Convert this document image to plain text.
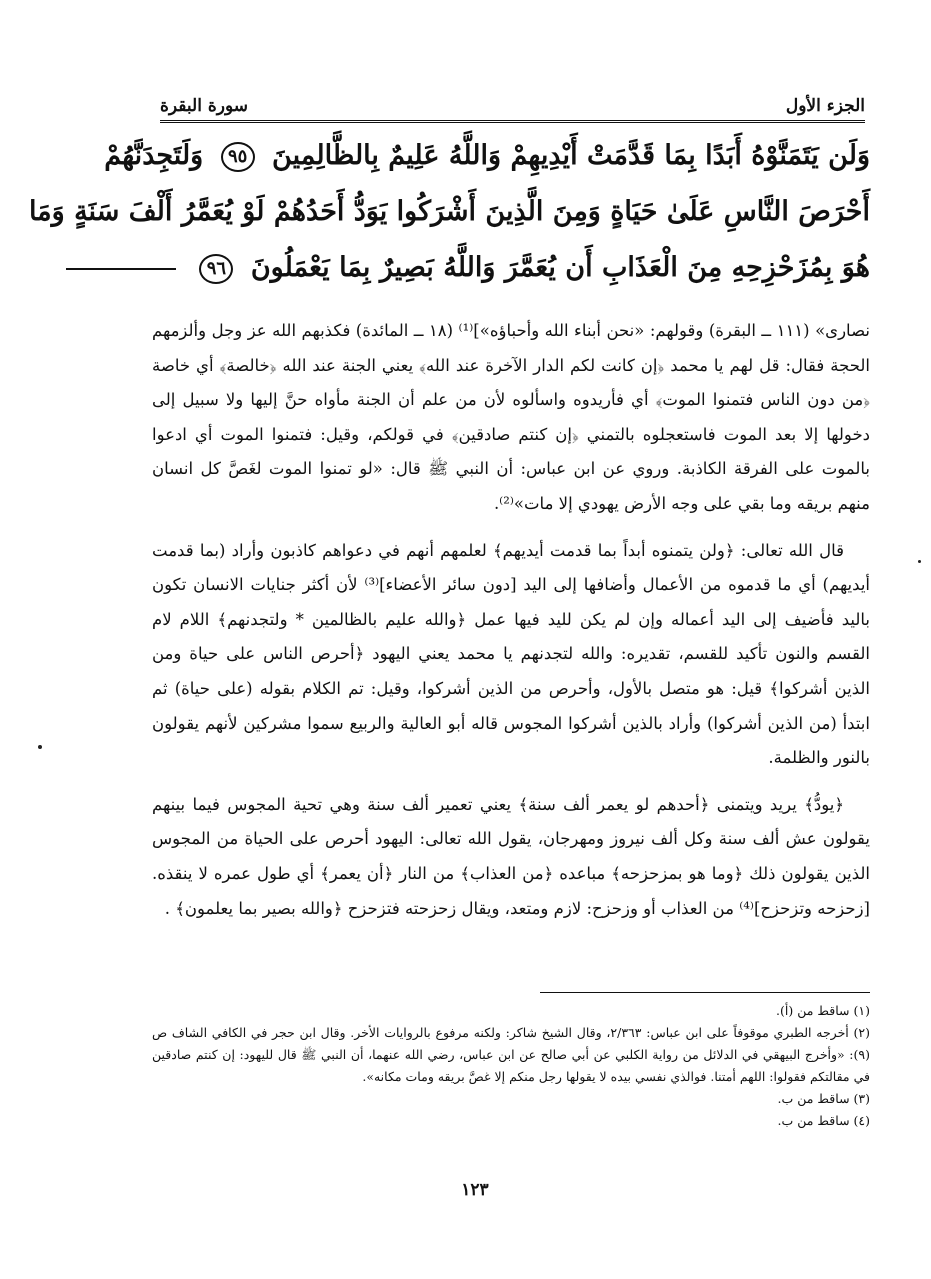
الجزء الأول
سورة البقرة
وَلَن يَتَمَنَّوْهُ أَبَدًا بِمَا قَدَّمَتْ أَيْدِيهِمْ وَاللَّهُ عَلِيمٌ بِالظَّالِمِينَ ٩٥ وَلَتَجِدَنَّهُمْ
أَحْرَصَ النَّاسِ عَلَىٰ حَيَاةٍ وَمِنَ الَّذِينَ أَشْرَكُوا يَوَدُّ أَحَدُهُمْ لَوْ يُعَمَّرُ أَلْفَ سَنَةٍ وَمَا
هُوَ بِمُزَحْزِحِهِ مِنَ الْعَذَابِ أَن يُعَمَّرَ وَاللَّهُ بَصِيرٌ بِمَا يَعْمَلُونَ ٩٦

نصارى» (١١١ ــ البقرة) وقولهم: «نحن أبناء الله وأحباؤه»]⁽¹⁾ (١٨ ــ المائدة) فكذبهم الله عز وجل وألزمهم الحجة فقال: قل لهم يا محمد ﴿إن كانت لكم الدار الآخرة عند الله﴾ يعني الجنة عند الله ﴿خالصة﴾ أي خاصة ﴿من دون الناس فتمنوا الموت﴾ أي فأريدوه واسألوه لأن من علم أن الجنة مأواه حنَّ إليها ولا سبيل إلى دخولها إلا بعد الموت فاستعجلوه بالتمني ﴿إن كنتم صادقين﴾ في قولكم، وقيل: فتمنوا الموت أي ادعوا بالموت على الفرقة الكاذبة. وروي عن ابن عباس: أن النبي ﷺ قال: «لو تمنوا الموت لغَصَّ كل انسان منهم بريقه وما بقي على وجه الأرض يهودي إلا مات»⁽²⁾.

قال الله تعالى: ﴿ولن يتمنوه أبداً بما قدمت أيديهم﴾ لعلمهم أنهم في دعواهم كاذبون وأراد (بما قدمت أيديهم) أي ما قدموه من الأعمال وأضافها إلى اليد [دون سائر الأعضاء]⁽³⁾ لأن أكثر جنايات الانسان تكون باليد فأضيف إلى اليد أعماله وإن لم يكن لليد فيها عمل ﴿والله عليم بالظالمين * ولتجدنهم﴾ اللام لام القسم والنون تأكيد للقسم، تقديره: والله لتجدنهم يا محمد يعني اليهود ﴿أحرص الناس على حياة ومن الذين أشركوا﴾ قيل: هو متصل بالأول، وأحرص من الذين أشركوا، وقيل: تم الكلام بقوله (على حياة) ثم ابتدأ (من الذين أشركوا) وأراد بالذين أشركوا المجوس قاله أبو العالية والربيع سموا مشركين لأنهم يقولون بالنور والظلمة.

﴿يودُّ﴾ يريد ويتمنى ﴿أحدهم لو يعمر ألف سنة﴾ يعني تعمير ألف سنة وهي تحية المجوس فيما بينهم يقولون عش ألف سنة وكل ألف نيروز ومهرجان، يقول الله تعالى: اليهود أحرص على الحياة من المجوس الذين يقولون ذلك ﴿وما هو بمزحزحه﴾ مباعده ﴿من العذاب﴾ من النار ﴿أن يعمر﴾ أي طول عمره لا ينقذه. [زحزحه وتزحزح]⁽⁴⁾ من العذاب أو وزحزح: لازم ومتعد، ويقال زحزحته فتزحزح ﴿والله بصير بما يعلمون﴾ .

(١) ساقط من (أ).
(٢) أخرجه الطبري موقوفاً على ابن عباس: ٢/٣٦٣، وقال الشيخ شاكر: ولكنه مرفوع بالروايات الأخر. وقال ابن حجر في الكافي الشاف ص (٩): «وأخرج البيهقي في الدلائل من رواية الكلبي عن أبي صالح عن ابن عباس، رضي الله عنهما، أن النبي ﷺ قال لليهود: إن كنتم صادقين في مقالتكم فقولوا: اللهم أمتنا. فوالذي نفسي بيده لا يقولها رجل منكم إلا غصَّ بريقه ومات مكانه».
(٣) ساقط من ب.
(٤) ساقط من ب.
١٢٣
